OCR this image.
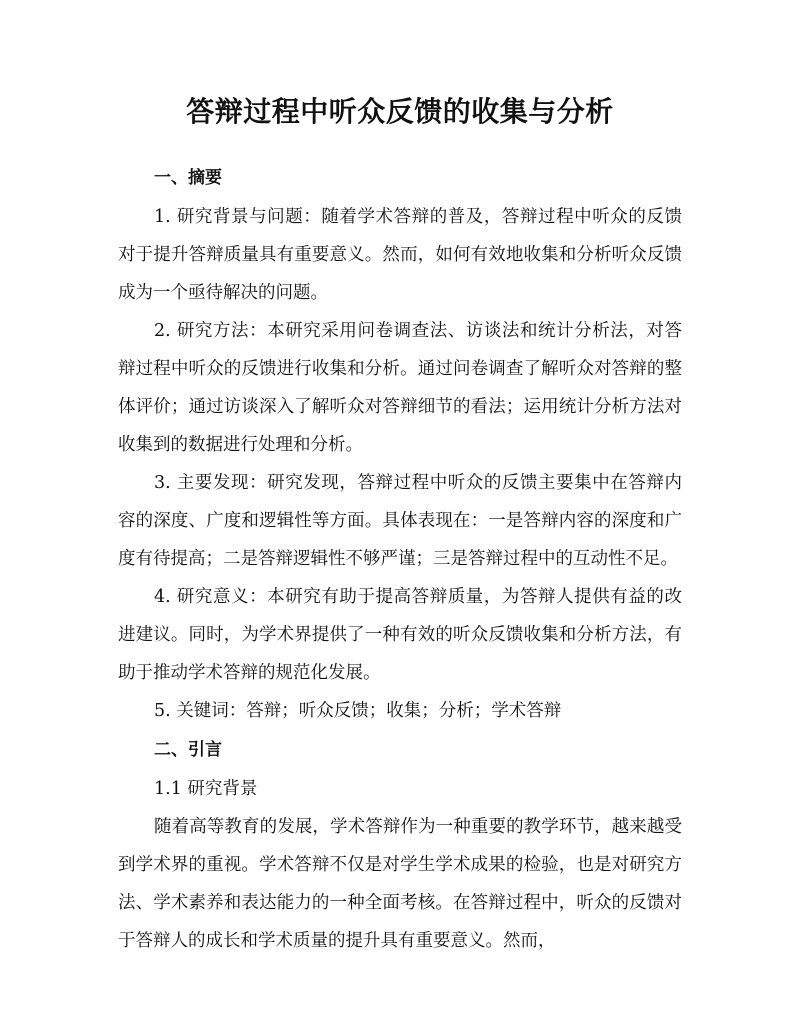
答辩过程中听众反馈的收集与分析
一、摘要

1. 研究背景与问题：随着学术答辩的普及，答辩过程中听众的反馈对于提升答辩质量具有重要意义。然而，如何有效地收集和分析听众反馈成为一个亟待解决的问题。

2. 研究方法：本研究采用问卷调查法、访谈法和统计分析法，对答辩过程中听众的反馈进行收集和分析。通过问卷调查了解听众对答辩的整体评价；通过访谈深入了解听众对答辩细节的看法；运用统计分析方法对收集到的数据进行处理和分析。

3. 主要发现：研究发现，答辩过程中听众的反馈主要集中在答辩内容的深度、广度和逻辑性等方面。具体表现在：一是答辩内容的深度和广度有待提高；二是答辩逻辑性不够严谨；三是答辩过程中的互动性不足。

4. 研究意义：本研究有助于提高答辩质量，为答辩人提供有益的改进建议。同时，为学术界提供了一种有效的听众反馈收集和分析方法，有助于推动学术答辩的规范化发展。

5. 关键词：答辩；听众反馈；收集；分析；学术答辩

二、引言

1.1 研究背景

随着高等教育的发展，学术答辩作为一种重要的教学环节，越来越受到学术界的重视。学术答辩不仅是对学生学术成果的检验，也是对研究方法、学术素养和表达能力的一种全面考核。在答辩过程中，听众的反馈对于答辩人的成长和学术质量的提升具有重要意义。然而，
